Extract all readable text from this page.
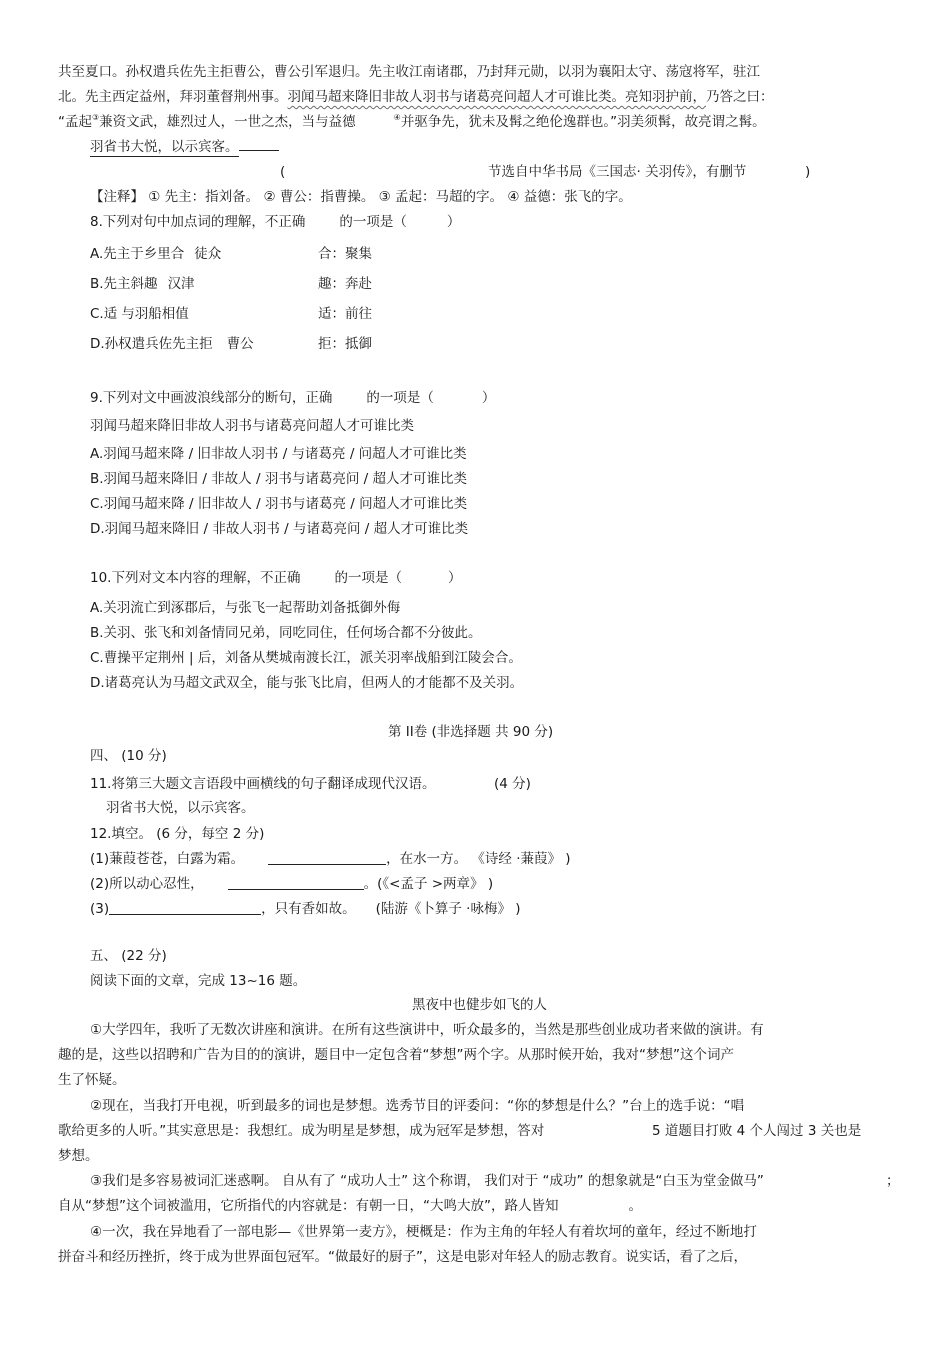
共至夏口。孙权遣兵佐先主拒曹公，曹公引军退归。先主收江南诸郡，乃封拜元勋，以羽为襄阳太守、荡寇将军，驻江
北。先主西定益州，拜羽董督荆州事。羽闻马超来降旧非故人羽书与诸葛亮问超人才可谁比类。亮知羽护前，乃答之曰：
“孟起③兼资文武，雄烈过人，一世之杰，当与益德	④并驱争先，犹未及髯之绝伦逸群也。”羽美须髯，故亮谓之髯。
羽省书大悦，以示宾客。
(	节选自中华书局《三国志· 关羽传》，有删节	)
【注释】 ① 先主：指刘备。 ② 曹公：指曹操。 ③ 孟起：马超的字。 ④ 益德：张飞的字。
8.下列对句中加点词的理解，不正确	的一项是（	）
A.先主于乡里合 徒众	合：聚集
B.先主斜趣 汉津	趣：奔赴
C.适 与羽船相值	适：前往
D.孙权遣兵佐先主拒 曹公	拒：抵御
9.下列对文中画波浪线部分的断句，正确	的一项是（	）
羽闻马超来降旧非故人羽书与诸葛亮问超人才可谁比类
A.羽闻马超来降 / 旧非故人羽书 / 与诸葛亮 / 问超人才可谁比类
B.羽闻马超来降旧 / 非故人 / 羽书与诸葛亮问 / 超人才可谁比类
C.羽闻马超来降 / 旧非故人 / 羽书与诸葛亮 / 问超人才可谁比类
D.羽闻马超来降旧 / 非故人羽书 / 与诸葛亮问 / 超人才可谁比类
10.下列对文本内容的理解，不正确	的一项是（	）
A.关羽流亡到涿郡后，与张飞一起帮助刘备抵御外侮
B.关羽、张飞和刘备情同兄弟，同吃同住，任何场合都不分彼此。
C.曹操平定荆州 | 后，刘备从樊城南渡长江，派关羽率战船到江陵会合。
D.诸葛亮认为马超文武双全，能与张飞比肩，但两人的才能都不及关羽。
第 II卷 (非选择题 共 90 分)
四、 (10 分)
11.将第三大题文言语段中画横线的句子翻译成现代汉语。	(4 分)
羽省书大悦，以示宾客。
12.填空。 (6 分，每空 2 分)
(1)蒹葭苍苍，白露为霜。	，在水一方。 《诗经 ·蒹葭》 )
(2)所以动心忍性，	。(《<孟子 >两章》 )
(3)	，只有香如故。 (陆游《卜算子 ·咏梅》 )
五、 (22 分)
阅读下面的文章，完成 13~16 题。
黑夜中也健步如飞的人
①大学四年，我听了无数次讲座和演讲。在所有这些演讲中，听众最多的，当然是那些创业成功者来做的演讲。有
趣的是，这些以招聘和广告为目的的演讲，题目中一定包含着“梦想”两个字。从那时候开始，我对“梦想”这个词产
生了怀疑。
②现在，当我打开电视，听到最多的词也是梦想。选秀节目的评委问：“你的梦想是什么？”台上的选手说：“唱
歌给更多的人听。”其实意思是：我想红。成为明星是梦想，成为冠军是梦想，答对	5 道题目打败 4 个人闯过 3 关也是
梦想。
③我们是多容易被词汇迷惑啊。 自从有了 “成功人士” 这个称谓， 我们对于 “成功” 的想象就是“白玉为堂金做马”	；
自从“梦想”这个词被滥用，它所指代的内容就是：有朝一日，“大鸣大放”，路人皆知	。
④一次，我在异地看了一部电影—《世界第一麦方》，梗概是：作为主角的年轻人有着坎坷的童年，经过不断地打
拼奋斗和经历挫折，终于成为世界面包冠军。“做最好的厨子”，这是电影对年轻人的励志教育。说实话，看了之后，
